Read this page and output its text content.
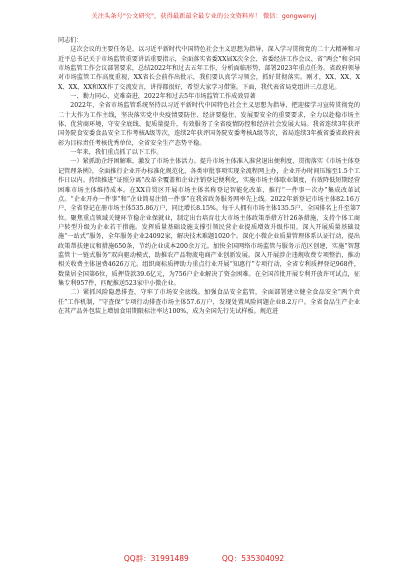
关注头条号"公文研究"，获得最新最全最专业的公文资料库！ 微信：gongwenyj

同志们：

这次会议的主要任务是，以习近平新时代中国特色社会主义思想为指导，深入学习贯彻党的二十大精神和习近平总书记关于市场监管重要讲话重要指示，全面落实省委XX届X次全会、省委经济工作会议、省“两会”和全国市场监管工作会议部署要求，总结2022年和过去五年工作，分析面临形势，部署2023年重点任务。省政府领导对市场监管工作高度重视，XX省长会前作出批示，我们要认真学习领会，抓好贯彻落实。刚才，XX、XX、XX、XX、XX和XX作了交流发言，讲得都很好，希望大家学习借鉴。下面，我代表省局党组讲三点意见。

一、勠力同心、克难奋进，2022年和过去5年市场监管工作成效显著

2022年，全省市场监管系统坚持以习近平新时代中国特色社会主义思想为指导，把迎接学习宣传贯彻党的二十大作为工作主线，坚决落实党中央疫情要防住、经济要稳住、发展要安全的重要要求，全力以赴稳市场主体、优营商环境，守安全底线、促质量提升，有效服务了全省疫情防控和经济社会发展大局。我省连续3年获评国务院食安委食品安全工作考核A级等次，连续2年获评国务院安委考核A级等次，省局连续3年被省委省政府表彰为目标责任考核优秀单位，全省安全生产态势平稳。

一年来，我们重点抓了以下工作。

一）紧抓助企纾困解难，激发了市场主体活力。提升市场主体准入准营退出便利度，贯彻落实《市场主体登记管理条例》，全面推行企业开办标准化规范化，各类审批事项实现全流程网上办，企业开办时间压缩至1.5个工作日以内。持续推进“证照分离”改革全覆盖和企业注销登记便利化，实施市场主体歇业制度，有效降低短期经营困难市场主体维持成本。在XX自贸区开展市场主体名称登记智能化改革，推行“一件事一次办”集成改革试点。“企业开办一件事”和“企业简易注销一件事”在我省政务服务网率先上线。2022年新登记市场主体82.16万户，全省登记在册市场主体535.86万户，同比增长8.15%。每千人拥有市场主体135.5户，全国排名上升至第7位。聚焦重点领域关键环节稳企业保就业，制定出台培育壮大市场主体政策举措方针26条措施，支持个体工商户转型升级为企业若干措施。发挥质量基础设施支撑引领民营企业提质增效升级作用，深入开展质量基础设施“一站式”服务，全年服务企业24092家，解决技术难题1020个。深化小微企业质量管理体系认证行动，提出政策帮扶建议和措施650条，节约企业成本200余万元。加快全国网络市场监管与服务示范区创建，实施“智慧监管十一链式服务”双向驱动模式，助推农产品物流电商产业创新发展。深入开展涉企违规收费专项整治，推动相关收费主体退费4626万元。组织商标质押助力重点行业开展“知惠行”专项行动，全省专利质押登记968件，数量居全国第6位，质押贷款39.6亿元，为756户企业解决了资金困难。在全国首批开展专利开放许可试点，征集专利957件，匹配推送523家中小微企业。

二）紧抓风险隐患排查，守牢了市场安全底线。加强食品安全监管，全面部署建立健全食品安全“两个责任”工作机制，“守查保”专项行动排查市场主体57.6万户，发现处置风险问题企业8.2万户。全省食品生产企业在其产品外包装上增加食用期限标注率达100%，成为全国先行先试样板。规范进

QQ群：31991489	QQ：535304092
